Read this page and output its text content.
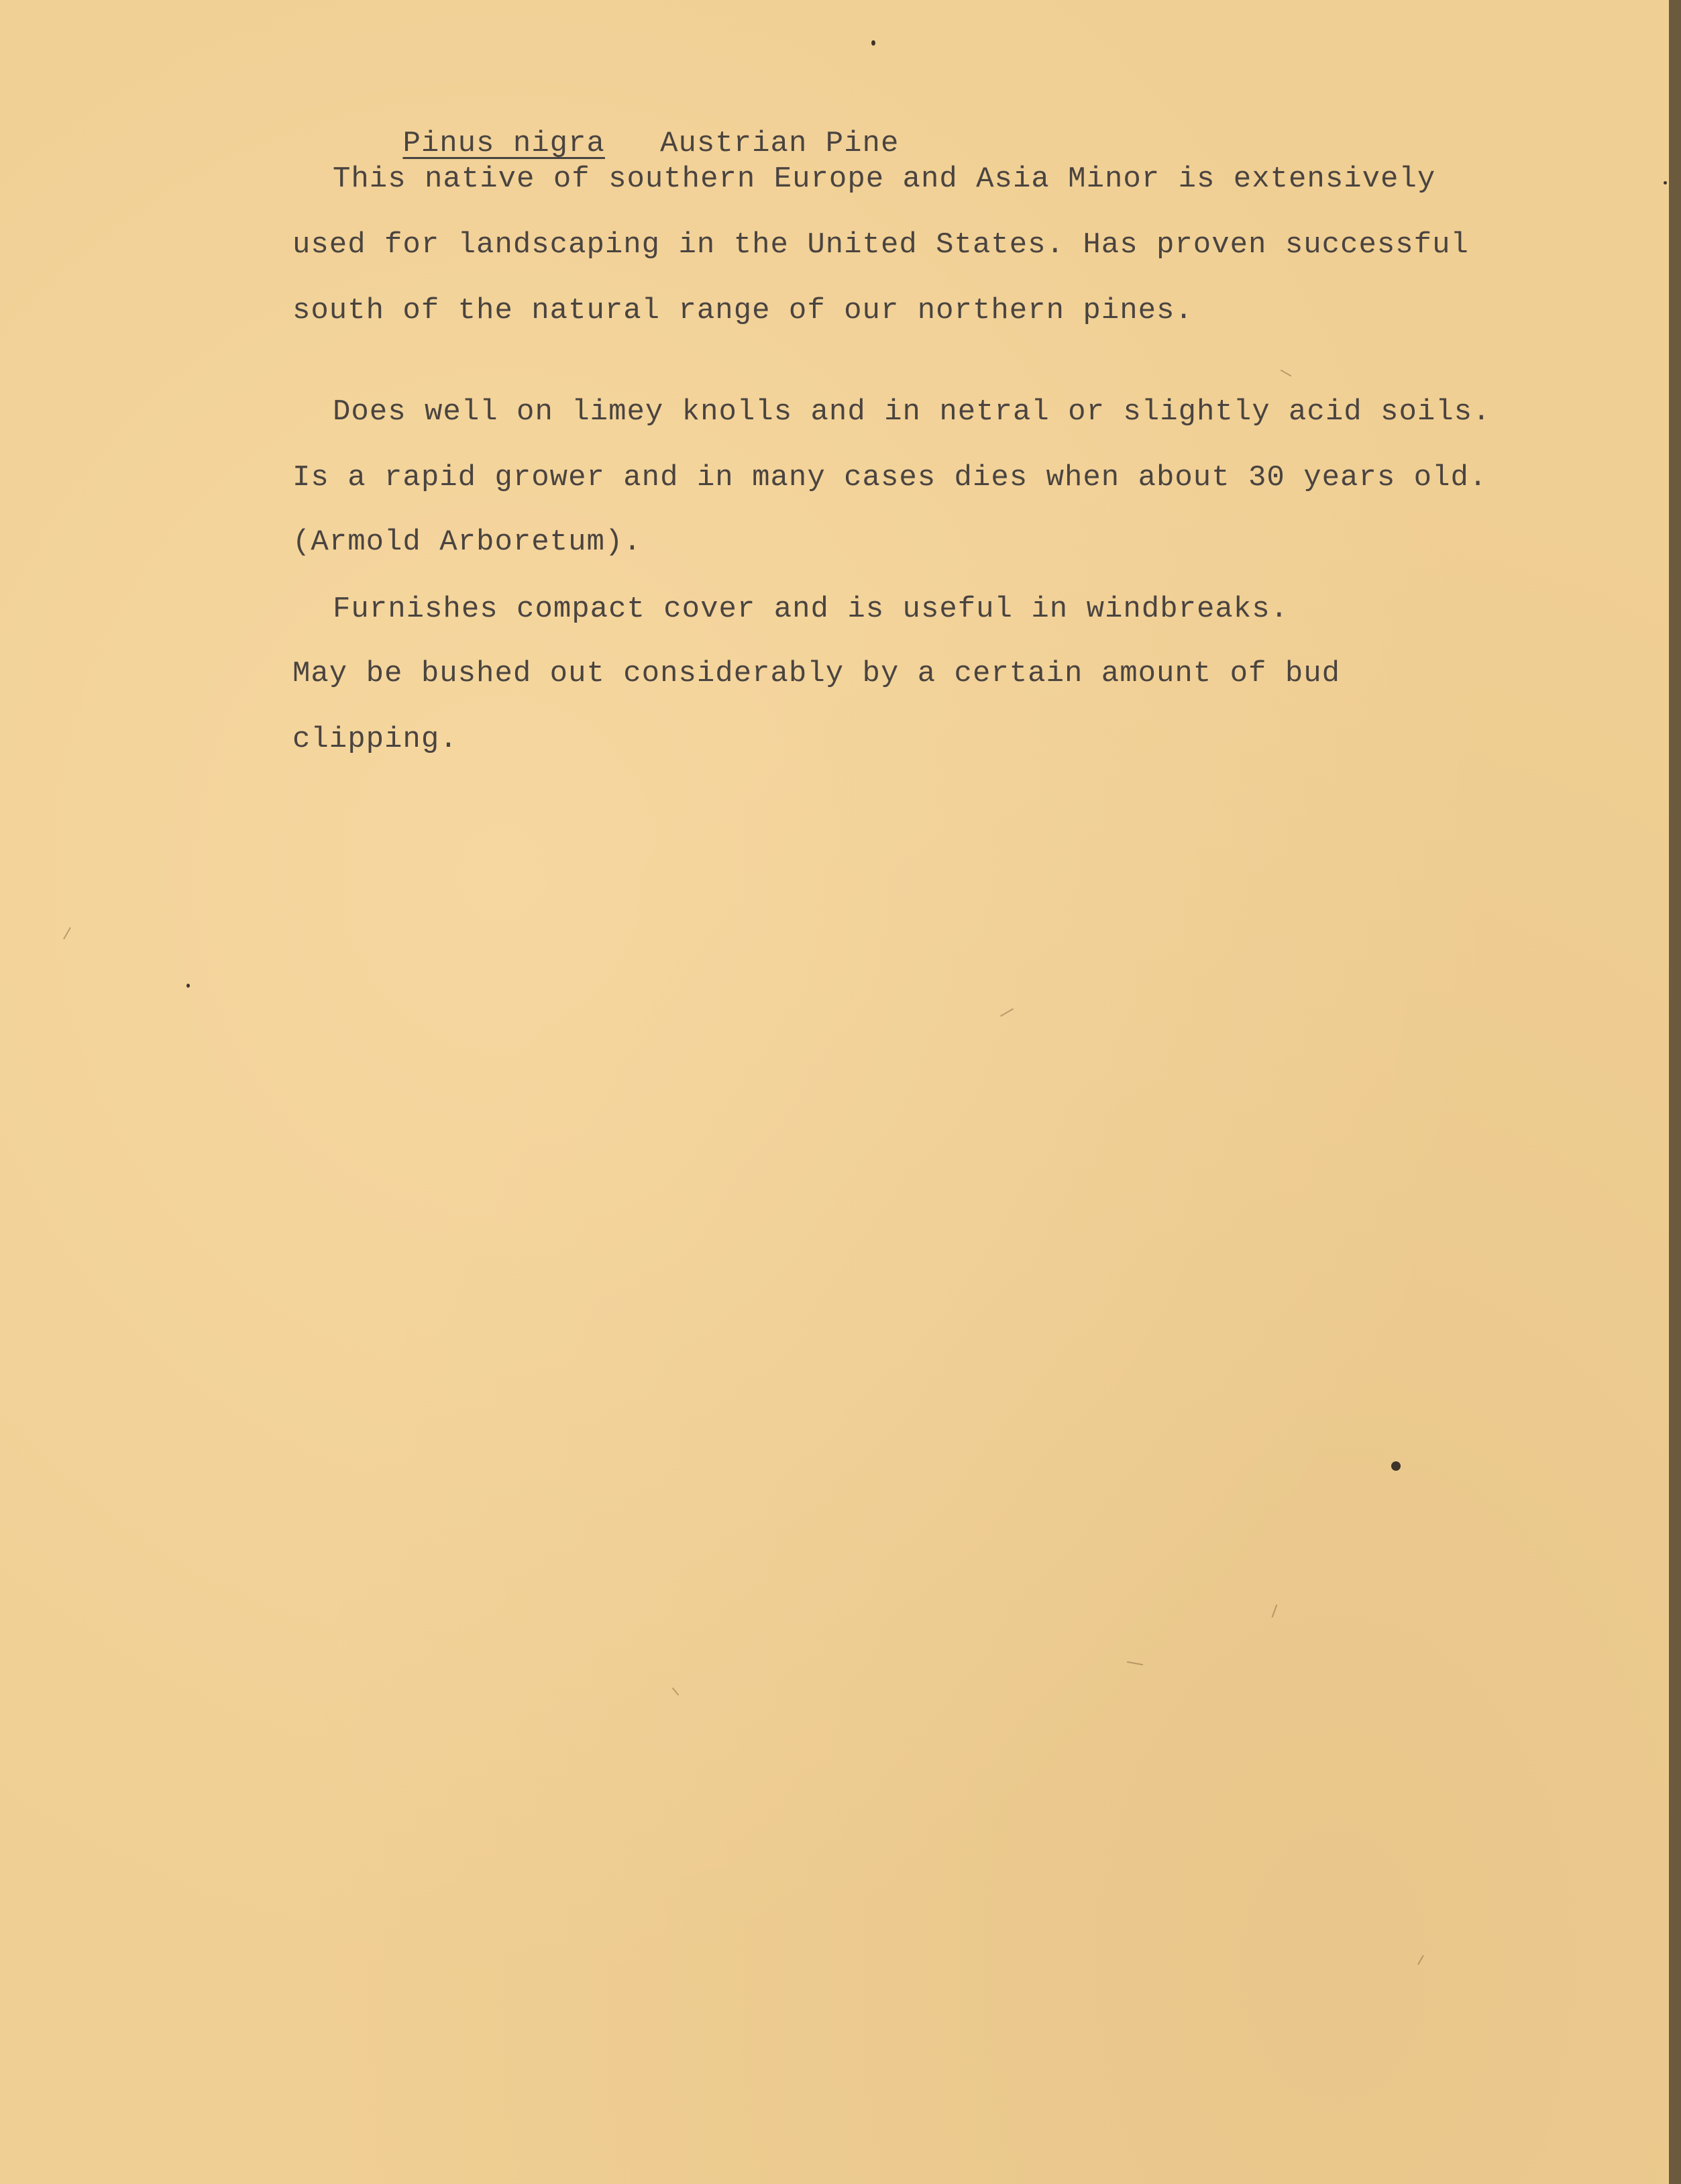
Pinus nigra Austrian Pine

This native of southern Europe and Asia Minor is extensively
used for landscaping in the United States. Has proven successful
south of the natural range of our northern pines.
Does well on limey knolls and in netral or slightly acid soils.
Is a rapid grower and in many cases dies when about 30 years old.
(Armold Arboretum).
Furnishes compact cover and is useful in windbreaks.
May be bushed out considerably by a certain amount of bud
clipping.
